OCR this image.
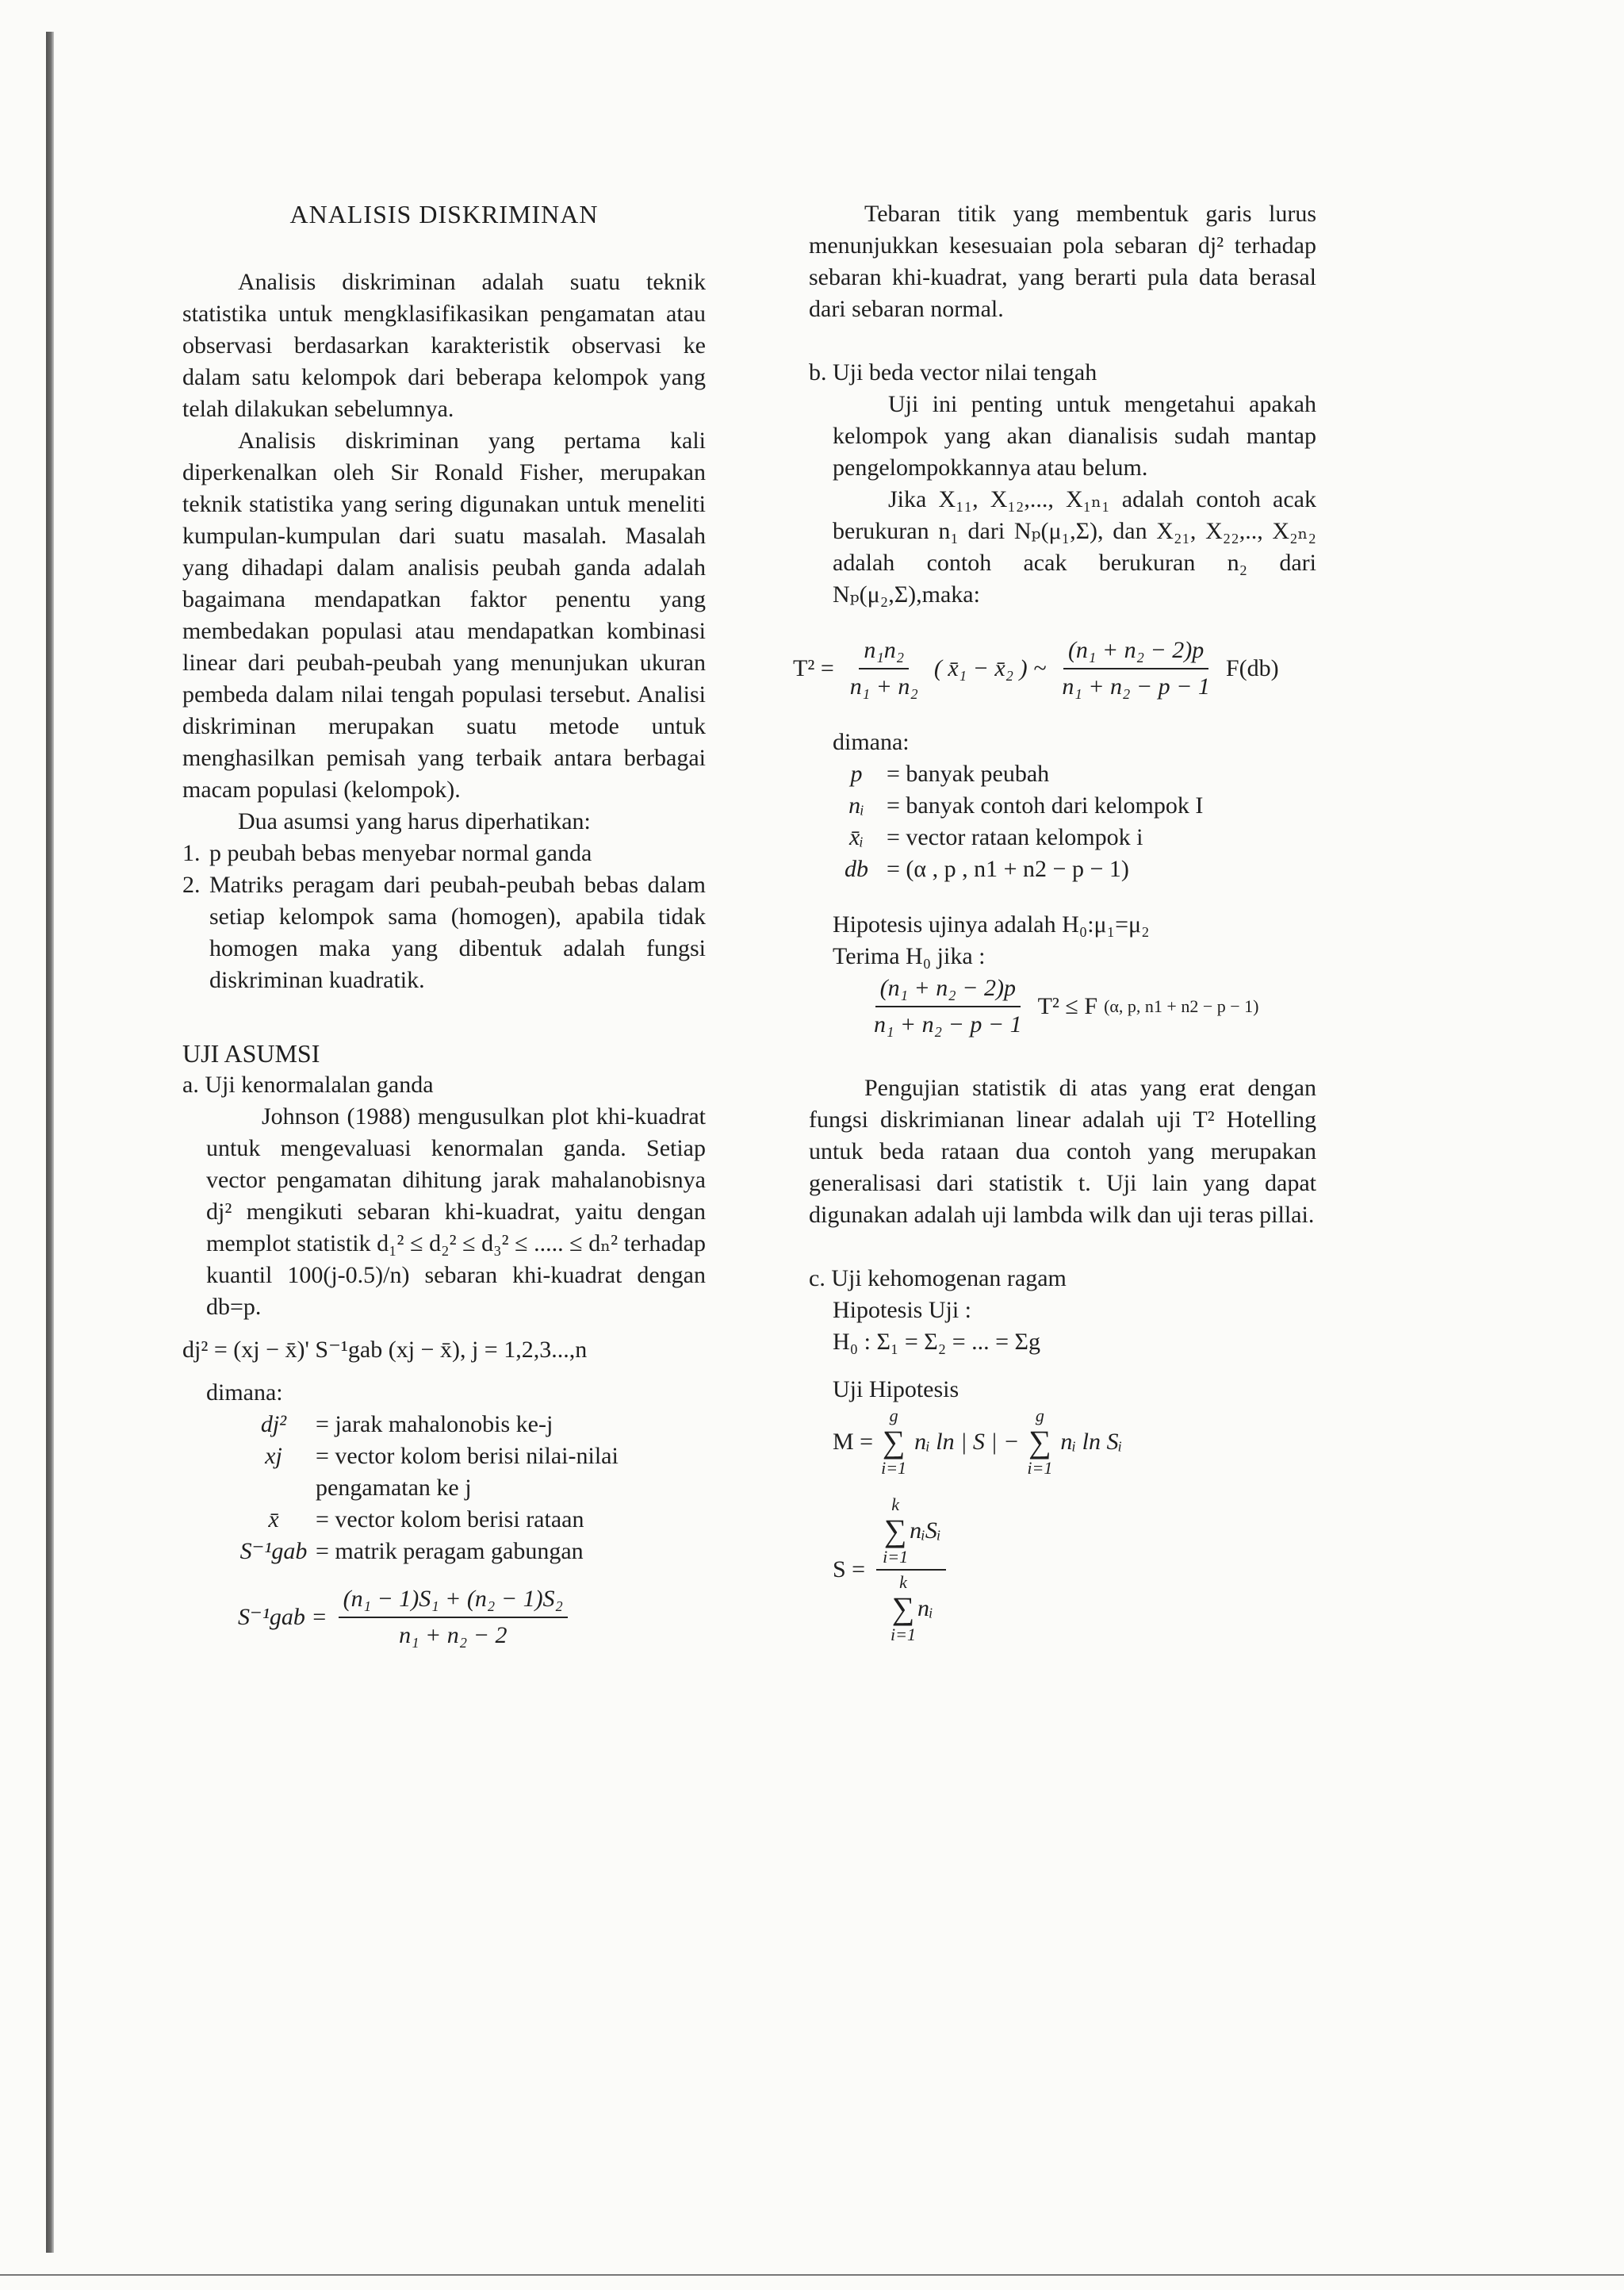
ANALISIS DISKRIMINAN

Analisis diskriminan adalah suatu teknik statistika untuk mengklasifikasikan pengamatan atau observasi berdasarkan karakteristik observasi ke dalam satu kelompok dari beberapa kelompok yang telah dilakukan sebelumnya.

Analisis diskriminan yang pertama kali diperkenalkan oleh Sir Ronald Fisher, merupakan teknik statistika yang sering digunakan untuk meneliti kumpulan-kumpulan dari suatu masalah. Masalah yang dihadapi dalam analisis peubah ganda adalah bagaimana mendapatkan faktor penentu yang membedakan populasi atau mendapatkan kombinasi linear dari peubah-peubah yang menunjukan ukuran pembeda dalam nilai tengah populasi tersebut. Analisi diskriminan merupakan suatu metode untuk menghasilkan pemisah yang terbaik antara berbagai macam populasi (kelompok).

Dua asumsi yang harus diperhatikan:

1. p peubah bebas menyebar normal ganda
2. Matriks peragam dari peubah-peubah bebas dalam setiap kelompok sama (homogen), apabila tidak homogen maka yang dibentuk adalah fungsi diskriminan kuadratik.

UJI ASUMSI

a. Uji kenormalalan ganda

Johnson (1988) mengusulkan plot khi-kuadrat untuk mengevaluasi kenormalan ganda. Setiap vector pengamatan dihitung jarak mahalanobisnya dj² mengikuti sebaran khi-kuadrat, yaitu dengan memplot statistik d₁² ≤ d₂² ≤ d₃² ≤ ..... ≤ dₙ² terhadap kuantil 100(j-0.5)/n) sebaran khi-kuadrat dengan db=p.

dj² = (xj − x̄)' S⁻¹gab (xj − x̄), j = 1,2,3...,n

dimana:

dj²	= jarak mahalonobis ke-j
xj	= vector kolom berisi nilai-nilai pengamatan ke j
x̄	= vector kolom berisi rataan
S⁻¹gab = matrik peragam gabungan
$S^{-1}gab = \frac{\text{(n₁ − 1)S₁ + (n₂ − 1)S₂}}{\text{n₁ + n₂ − 2}}$

Tebaran titik yang membentuk garis lurus menunjukkan kesesuaian pola sebaran dj² terhadap sebaran khi-kuadrat, yang berarti pula data berasal dari sebaran normal.

b. Uji beda vector nilai tengah

Uji ini penting untuk mengetahui apakah kelompok yang akan dianalisis sudah mantap pengelompokkannya atau belum.

Jika X₁₁, X₁₂,..., X₁ₙ₁ adalah contoh acak berukuran n₁ dari Nₚ(μ₁,Σ), dan X₂₁, X₂₂,.., X₂ₙ₂ adalah contoh acak berukuran n₂ dari Nₚ(μ₂,Σ),maka:

$T^2 = \frac{\text{n₁n₂}}{\text{n₁ + n₂}}$ ( x̄₁ − x̄₂ ) ~ $\frac{\text{(n₁ + n₂ − 2)p}}{\text{n₁ + n₂ − p − 1}} F(db)$

dimana:

p	= banyak peubah
nᵢ = banyak contoh dari kelompok I
x̄ᵢ = vector rataan kelompok i
db = (α , p , n1 + n2 − p − 1)

Hipotesis ujinya adalah H₀:μ₁=μ₂

Terima H₀ jika :

$\frac{\text{(n₁ + n₂ − 2)p}}{\text{n₁ + n₂ − p − 1}} T^2 \le F$ (α, p, n1 + n2 − p − 1)

Pengujian statistik di atas yang erat dengan fungsi diskrimianan linear adalah uji T² Hotelling untuk beda rataan dua contoh yang merupakan generalisasi dari statistik t. Uji lain yang dapat digunakan adalah uji lambda wilk dan uji teras pillai.

c. Uji kehomogenan ragam

Hipotesis Uji :

H₀ : Σ₁ = Σ₂ = ... = Σg

Uji Hipotesis

M =
g
∑
i=1
nᵢ ln | S | −
g
∑
i=1
nᵢ ln Sᵢ
S =
k
∑
i=1
nᵢSᵢ
k
∑
i=1
nᵢ
